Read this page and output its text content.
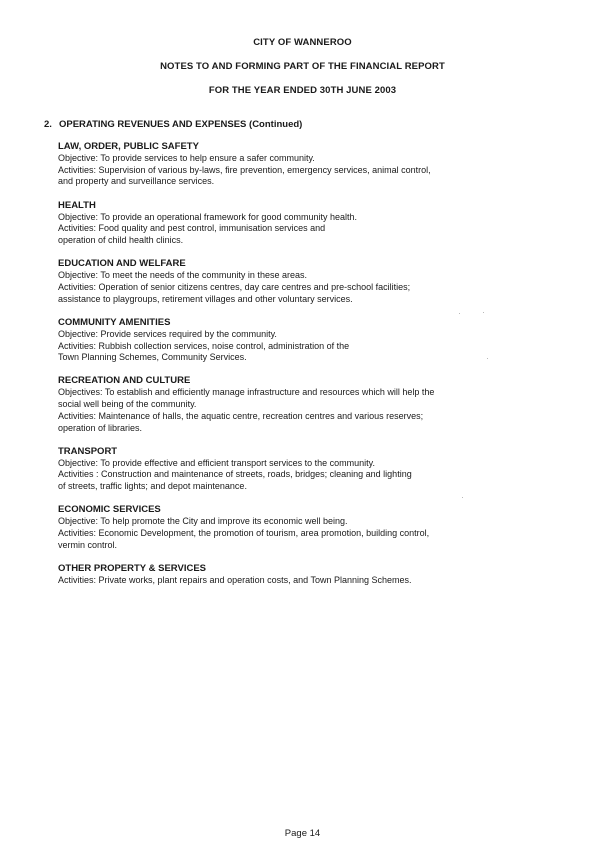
CITY OF WANNEROO
NOTES TO AND FORMING PART OF THE FINANCIAL REPORT
FOR THE YEAR ENDED 30TH JUNE 2003
2. OPERATING REVENUES AND EXPENSES (Continued)
LAW, ORDER, PUBLIC SAFETY
Objective: To provide services to help ensure a safer community.
Activities: Supervision of various by-laws, fire prevention, emergency services, animal control,
and property and surveillance services.
HEALTH
Objective: To provide an operational framework for good community health.
Activities: Food quality and pest control, immunisation services and
operation of child health clinics.
EDUCATION AND WELFARE
Objective: To meet the needs of the community in these areas.
Activities: Operation of senior citizens centres, day care centres and pre-school facilities;
assistance to playgroups, retirement villages and other voluntary services.
COMMUNITY AMENITIES
Objective: Provide services required by the community.
Activities: Rubbish collection services, noise control, administration of the
Town Planning Schemes, Community Services.
RECREATION AND CULTURE
Objectives: To establish and efficiently manage infrastructure and resources which will help the
social well being of the community.
Activities: Maintenance of halls, the aquatic centre, recreation centres and various reserves;
operation of libraries.
TRANSPORT
Objective: To provide effective and efficient transport services to the community.
Activities : Construction and maintenance of streets, roads, bridges; cleaning and lighting
of streets, traffic lights; and depot maintenance.
ECONOMIC SERVICES
Objective: To help promote the City and improve its economic well being.
Activities: Economic Development, the promotion of tourism, area promotion, building control,
vermin control.
OTHER PROPERTY & SERVICES
Activities: Private works, plant repairs and operation costs, and Town Planning Schemes.
Page 14
